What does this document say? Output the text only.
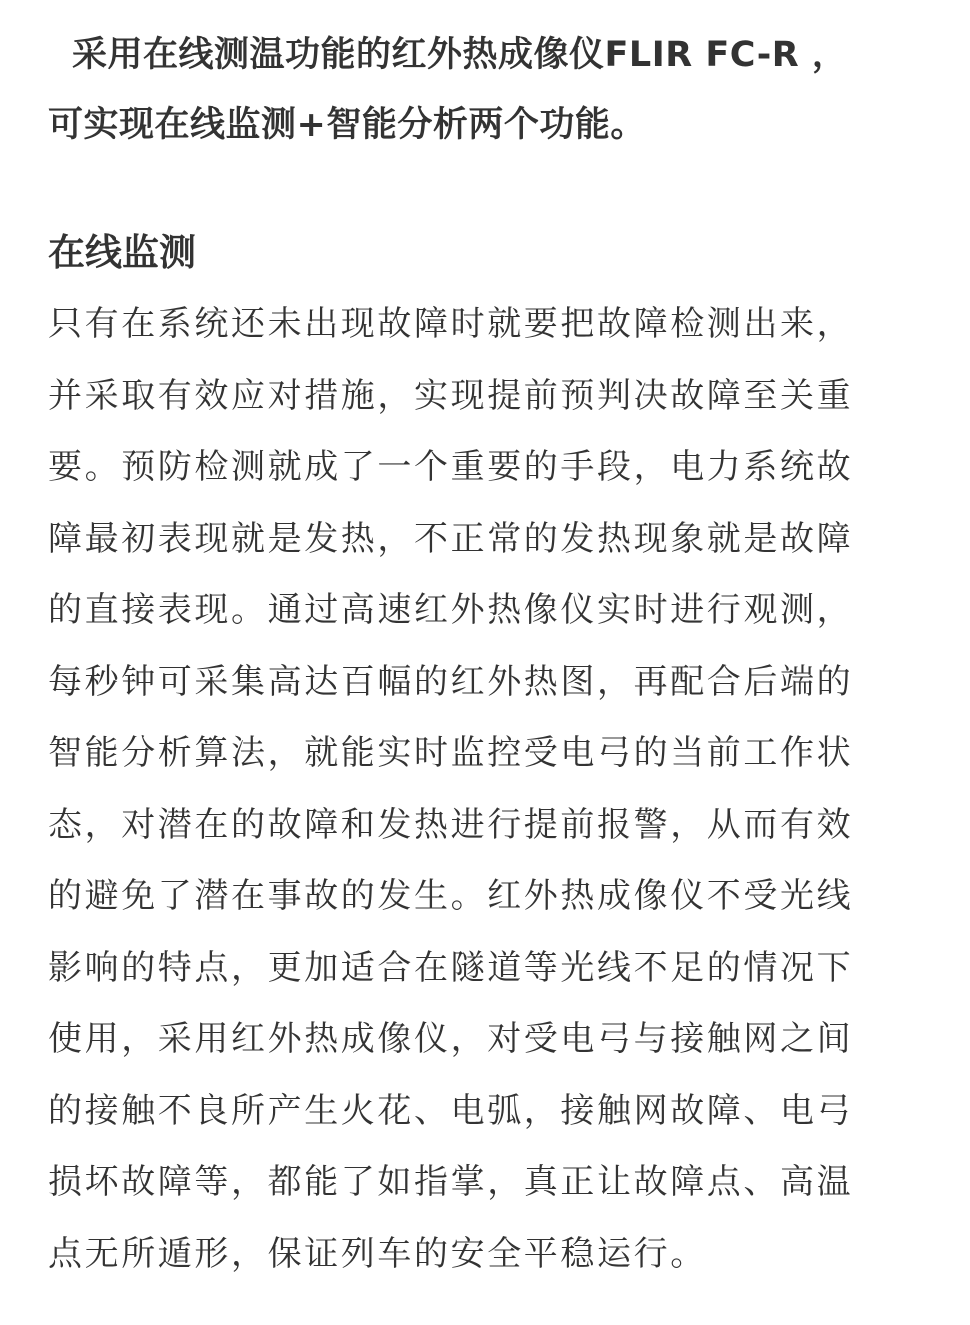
采用在线测温功能的红外热成像仪FLIR FC-R ，
可实现在线监测+智能分析两个功能。

在线监测

只有在系统还未出现故障时就要把故障检测出来，
并采取有效应对措施，实现提前预判决故障至关重
要。预防检测就成了一个重要的手段，电力系统故
障最初表现就是发热，不正常的发热现象就是故障
的直接表现。通过高速红外热像仪实时进行观测，
每秒钟可采集高达百幅的红外热图，再配合后端的
智能分析算法，就能实时监控受电弓的当前工作状
态，对潜在的故障和发热进行提前报警，从而有效
的避免了潜在事故的发生。红外热成像仪不受光线
影响的特点，更加适合在隧道等光线不足的情况下
使用，采用红外热成像仪，对受电弓与接触网之间
的接触不良所产生火花、电弧，接触网故障、电弓
损坏故障等，都能了如指掌，真正让故障点、高温
点无所遁形，保证列车的安全平稳运行。
